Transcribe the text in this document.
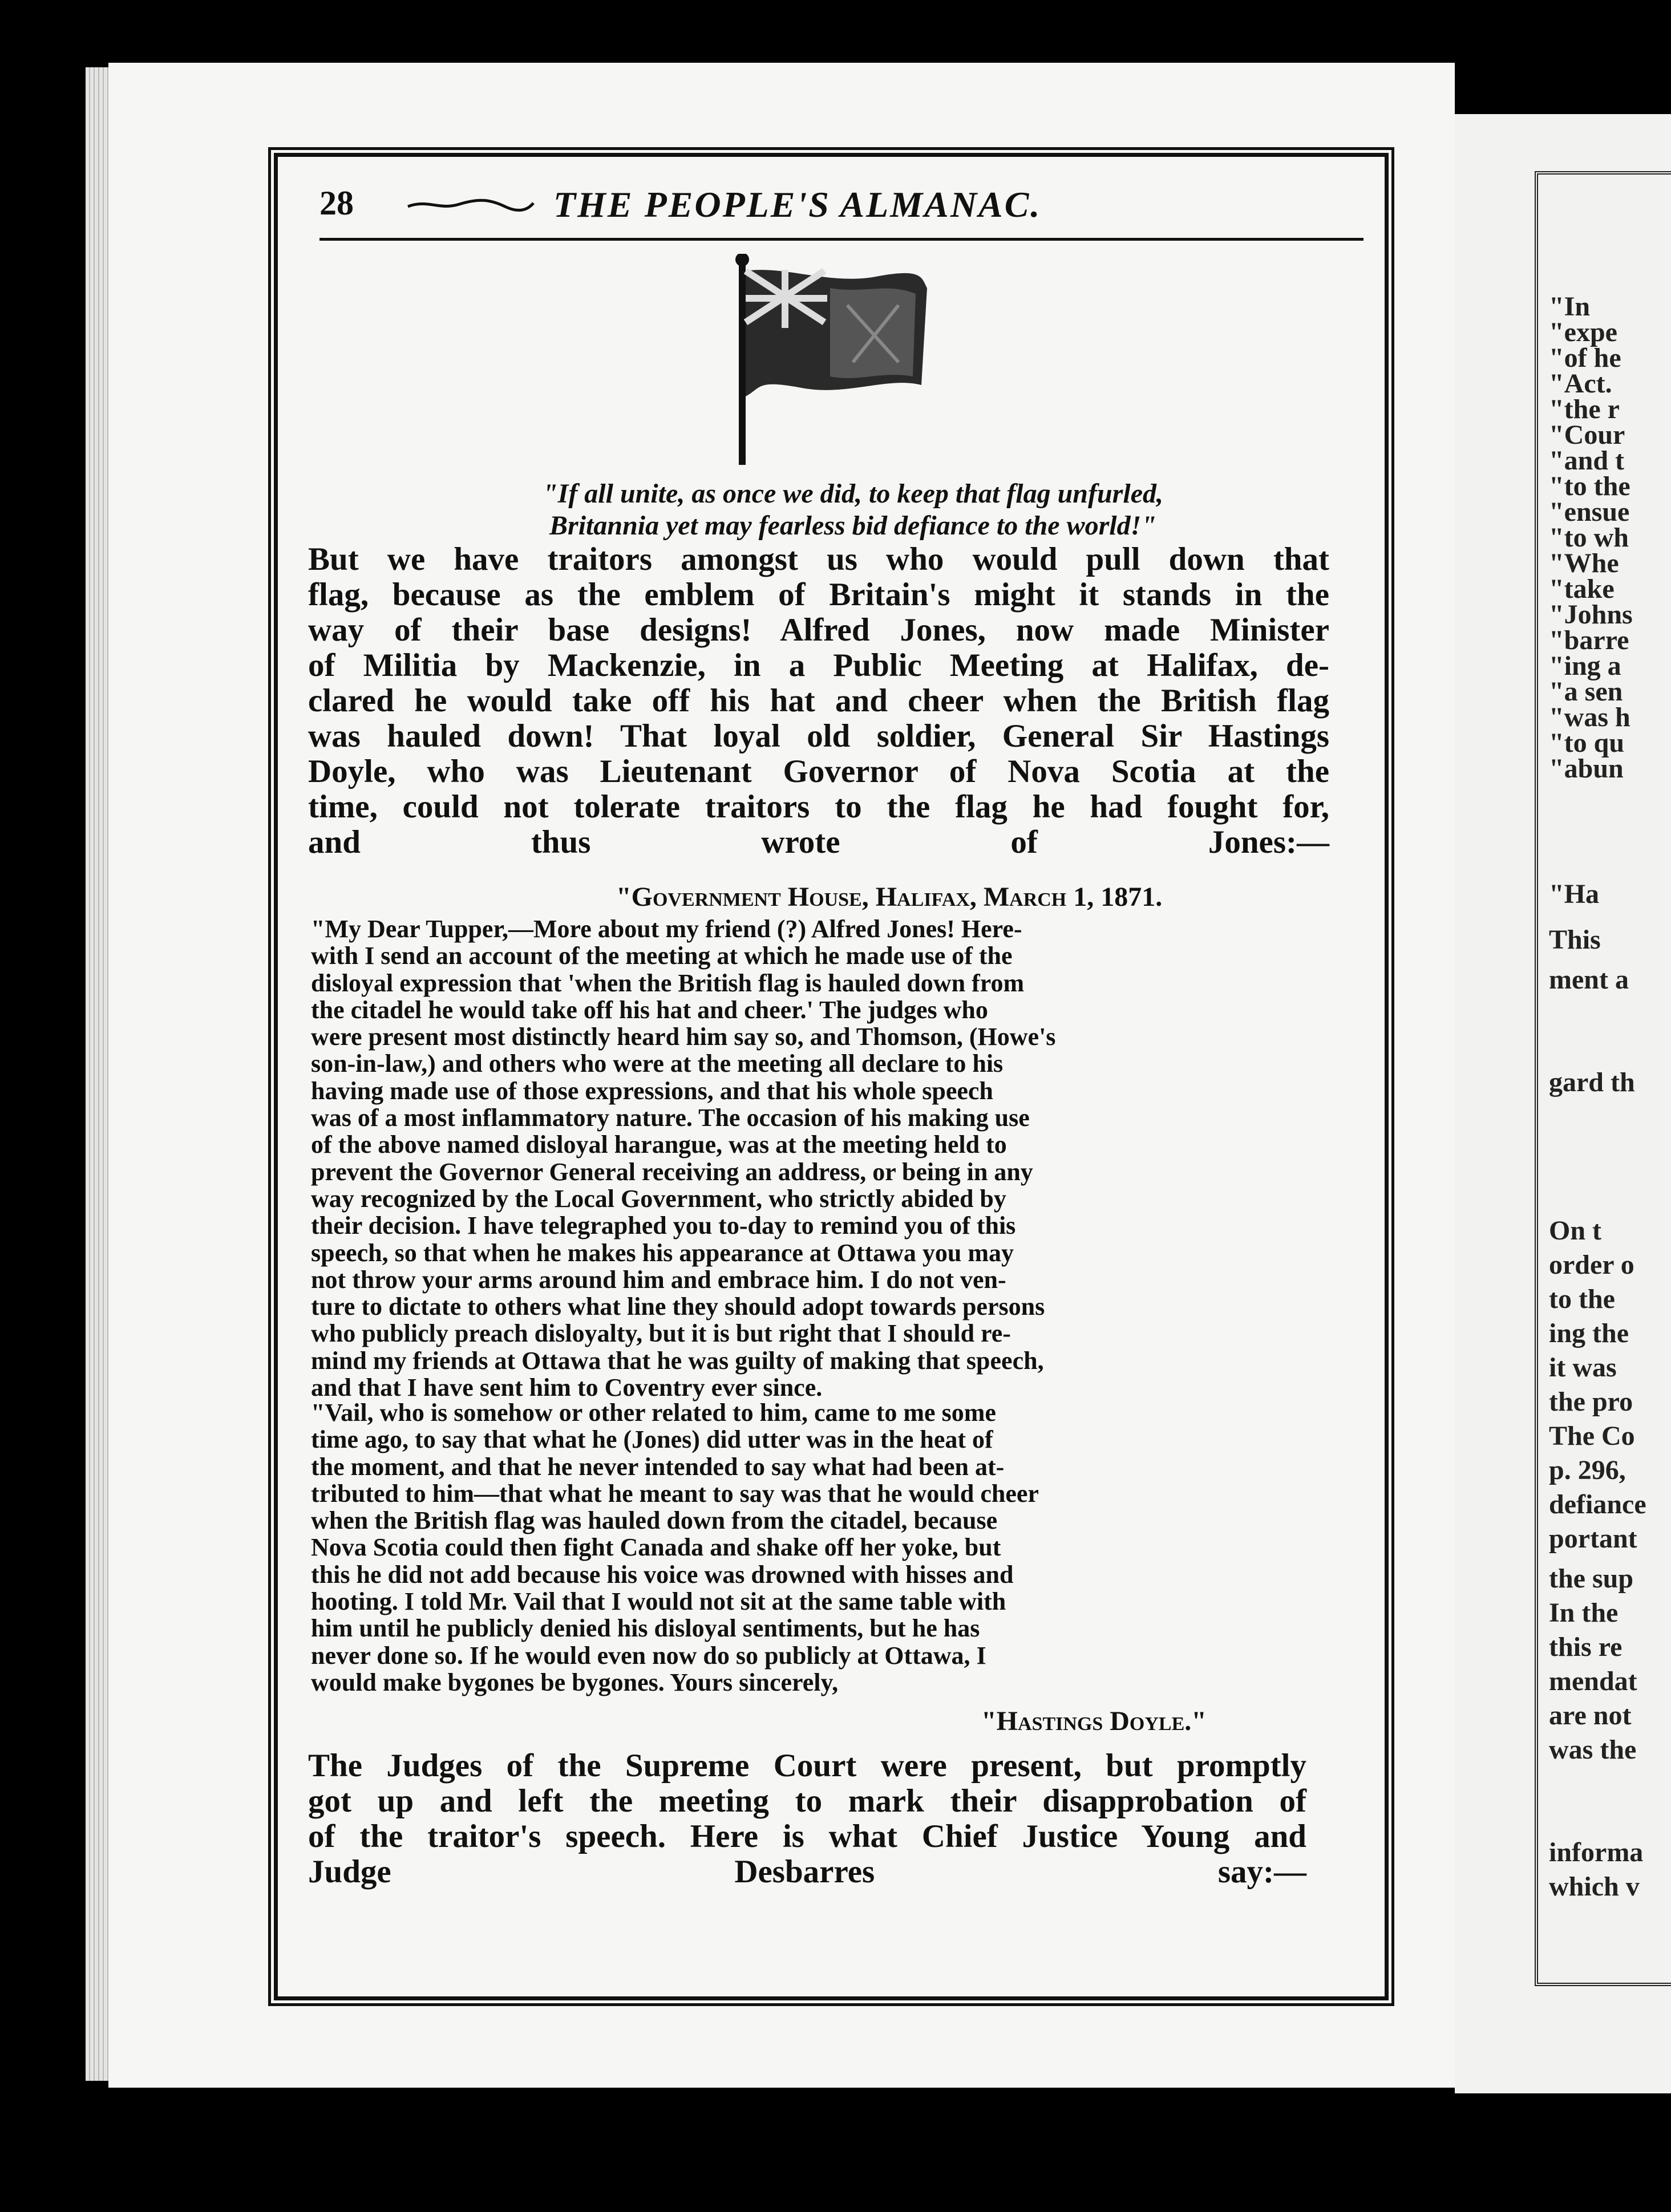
"In
"expe
"of he
"Act.
"the r
"Cour
"and t
"to the
"ensue
"to wh
"Whe
"take
"Johns
"barre
"ing a
"a sen
"was h
"to qu
"abun
"Ha
This
ment a
gard th
On t
order o
to the
ing the
it was
the pro
The Co
p. 296,
defiance
portant
the sup
In the
this re
mendat
are not
was the
informa
which v
28	THE PEOPLE'S ALMANAC.
"If all unite, as once we did, to keep that flag unfurled,
Britannia yet may fearless bid defiance to the world!"
But we have traitors amongst us who would pull down that
flag, because as the emblem of Britain's might it stands in the
way of their base designs! Alfred Jones, now made Minister
of Militia by Mackenzie, in a Public Meeting at Halifax, de-
clared he would take off his hat and cheer when the British flag
was hauled down! That loyal old soldier, General Sir Hastings
Doyle, who was Lieutenant Governor of Nova Scotia at the
time, could not tolerate traitors to the flag he had fought for,
and thus wrote of Jones:—
"Government House, Halifax, March 1, 1871.
"My Dear Tupper,—More about my friend (?) Alfred Jones! Here-
with I send an account of the meeting at which he made use of the
disloyal expression that 'when the British flag is hauled down from
the citadel he would take off his hat and cheer.' The judges who
were present most distinctly heard him say so, and Thomson, (Howe's
son-in-law,) and others who were at the meeting all declare to his
having made use of those expressions, and that his whole speech
was of a most inflammatory nature. The occasion of his making use
of the above named disloyal harangue, was at the meeting held to
prevent the Governor General receiving an address, or being in any
way recognized by the Local Government, who strictly abided by
their decision. I have telegraphed you to-day to remind you of this
speech, so that when he makes his appearance at Ottawa you may
not throw your arms around him and embrace him. I do not ven-
ture to dictate to others what line they should adopt towards persons
who publicly preach disloyalty, but it is but right that I should re-
mind my friends at Ottawa that he was guilty of making that speech,
and that I have sent him to Coventry ever since.
"Vail, who is somehow or other related to him, came to me some
time ago, to say that what he (Jones) did utter was in the heat of
the moment, and that he never intended to say what had been at-
tributed to him—that what he meant to say was that he would cheer
when the British flag was hauled down from the citadel, because
Nova Scotia could then fight Canada and shake off her yoke, but
this he did not add because his voice was drowned with hisses and
hooting. I told Mr. Vail that I would not sit at the same table with
him until he publicly denied his disloyal sentiments, but he has
never done so. If he would even now do so publicly at Ottawa, I
would make bygones be bygones. Yours sincerely,
"Hastings Doyle."
The Judges of the Supreme Court were present, but promptly
got up and left the meeting to mark their disapprobation of
of the traitor's speech. Here is what Chief Justice Young and
Judge Desbarres say:—
